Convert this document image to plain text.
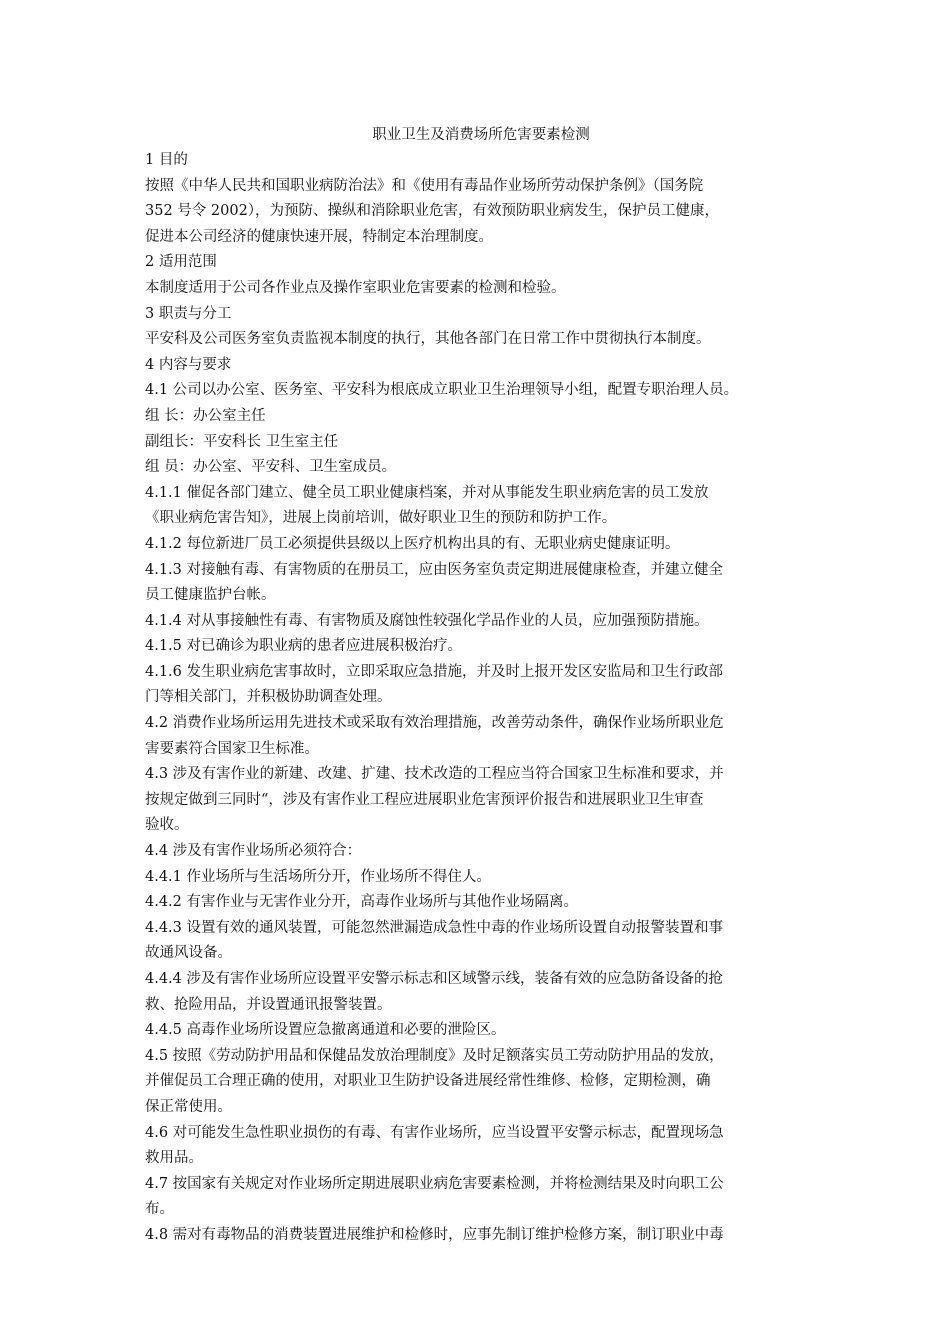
职业卫生及消费场所危害要素检测
1 目的
按照《中华人民共和国职业病防治法》和《使用有毒品作业场所劳动保护条例》（国务院
352 号令 2002），为预防、操纵和消除职业危害，有效预防职业病发生，保护员工健康，
促进本公司经济的健康快速开展，特制定本治理制度。
2 适用范围
本制度适用于公司各作业点及操作室职业危害要素的检测和检验。
3 职责与分工
平安科及公司医务室负责监视本制度的执行，其他各部门在日常工作中贯彻执行本制度。
4 内容与要求
4.1 公司以办公室、医务室、平安科为根底成立职业卫生治理领导小组，配置专职治理人员。
组 长：办公室主任
副组长：平安科长 卫生室主任
组 员：办公室、平安科、卫生室成员。
4.1.1 催促各部门建立、健全员工职业健康档案，并对从事能发生职业病危害的员工发放
《职业病危害告知》，进展上岗前培训，做好职业卫生的预防和防护工作。
4.1.2 每位新进厂员工必须提供县级以上医疗机构出具的有、无职业病史健康证明。
4.1.3 对接触有毒、有害物质的在册员工，应由医务室负责定期进展健康检查，并建立健全
员工健康监护台帐。
4.1.4 对从事接触性有毒、有害物质及腐蚀性较强化学品作业的人员，应加强预防措施。
4.1.5 对已确诊为职业病的患者应进展积极治疗。
4.1.6 发生职业病危害事故时，立即采取应急措施，并及时上报开发区安监局和卫生行政部
门等相关部门，并积极协助调查处理。
4.2 消费作业场所运用先进技术或采取有效治理措施，改善劳动条件，确保作业场所职业危
害要素符合国家卫生标准。
4.3 涉及有害作业的新建、改建、扩建、技术改造的工程应当符合国家卫生标准和要求，并
按规定做到三同时“，涉及有害作业工程应进展职业危害预评价报告和进展职业卫生审查
验收。
4.4 涉及有害作业场所必须符合：
4.4.1 作业场所与生活场所分开，作业场所不得住人。
4.4.2 有害作业与无害作业分开，高毒作业场所与其他作业场隔离。
4.4.3 设置有效的通风装置，可能忽然泄漏造成急性中毒的作业场所设置自动报警装置和事
故通风设备。
4.4.4 涉及有害作业场所应设置平安警示标志和区域警示线，装备有效的应急防备设备的抢
救、抢险用品，并设置通讯报警装置。
4.4.5 高毒作业场所设置应急撤离通道和必要的泄险区。
4.5 按照《劳动防护用品和保健品发放治理制度》及时足额落实员工劳动防护用品的发放，
并催促员工合理正确的使用，对职业卫生防护设备进展经常性维修、检修，定期检测，确
保正常使用。
4.6 对可能发生急性职业损伤的有毒、有害作业场所，应当设置平安警示标志，配置现场急
救用品。
4.7 按国家有关规定对作业场所定期进展职业病危害要素检测，并将检测结果及时向职工公
布。
4.8 需对有毒物品的消费装置进展维护和检修时，应事先制订维护检修方案，制订职业中毒
